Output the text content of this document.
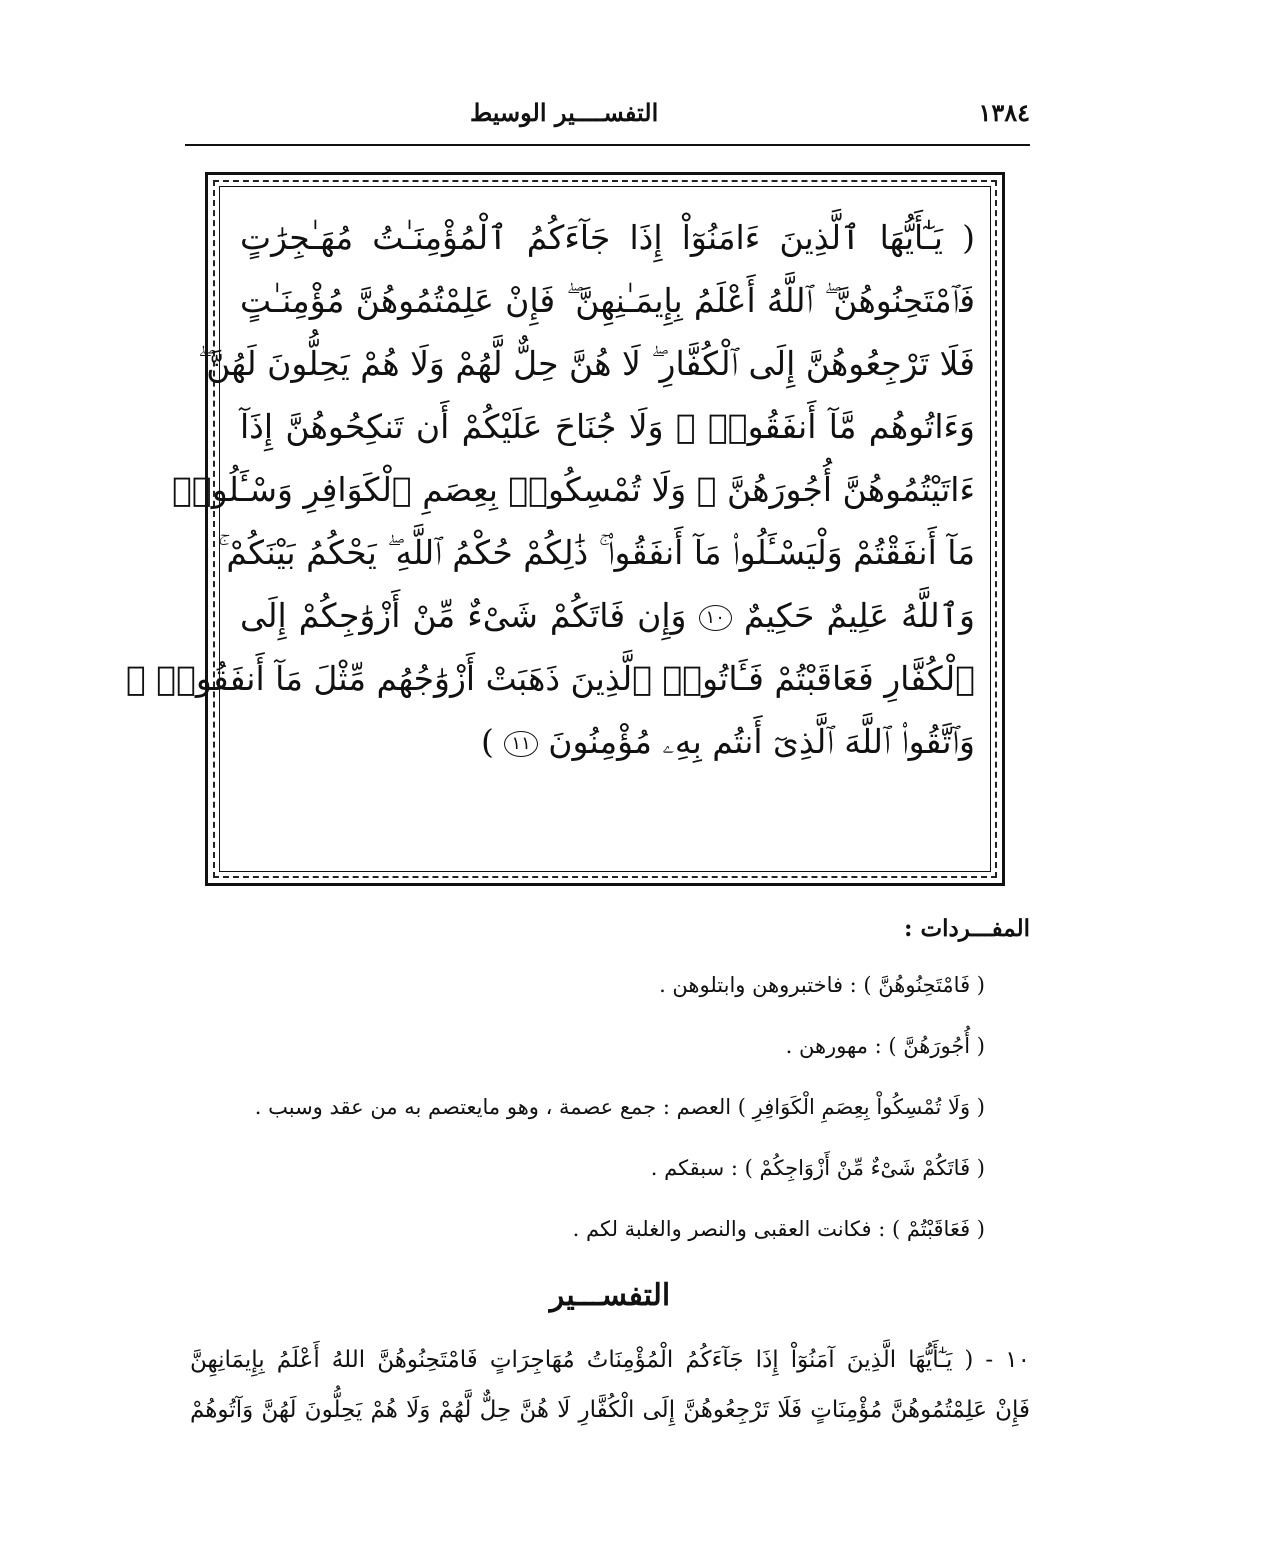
١٣٨٤
التفســــير الوسيط
( يَـٰٓأَيُّهَا ٱلَّذِينَ ءَامَنُوٓاْ إِذَا جَآءَكُمُ ٱلْمُؤْمِنَـٰتُ مُهَـٰجِرَٰتٍ
فَٱمْتَحِنُوهُنَّ ۖ ٱللَّهُ أَعْلَمُ بِإِيمَـٰنِهِنَّ ۖ فَإِنْ عَلِمْتُمُوهُنَّ مُؤْمِنَـٰتٍ
فَلَا تَرْجِعُوهُنَّ إِلَى ٱلْكُفَّارِ ۖ لَا هُنَّ حِلٌّ لَّهُمْ وَلَا هُمْ يَحِلُّونَ لَهُنَّ ۖ
وَءَاتُوهُم مَّآ أَنفَقُوا۟ ۚ وَلَا جُنَاحَ عَلَيْكُمْ أَن تَنكِحُوهُنَّ إِذَآ
ءَاتَيْتُمُوهُنَّ أُجُورَهُنَّ ۚ وَلَا تُمْسِكُوا۟ بِعِصَمِ ٱلْكَوَافِرِ وَسْـَٔلُوا۟
مَآ أَنفَقْتُمْ وَلْيَسْـَٔلُوا۟ مَآ أَنفَقُوا۟ ۚ ذَٰلِكُمْ حُكْمُ ٱللَّهِ ۖ يَحْكُمُ بَيْنَكُمْ ۚ
وَٱللَّهُ عَلِيمٌ حَكِيمٌ ١٠ وَإِن فَاتَكُمْ شَىْءٌ مِّنْ أَزْوَٰجِكُمْ إِلَى
ٱلْكُفَّارِ فَعَاقَبْتُمْ فَـَٔاتُوا۟ ٱلَّذِينَ ذَهَبَتْ أَزْوَٰجُهُم مِّثْلَ مَآ أَنفَقُوا۟ ۚ
وَٱتَّقُوا۟ ٱللَّهَ ٱلَّذِىٓ أَنتُم بِهِۦ مُؤْمِنُونَ ١١ )
المفـــردات :
( فَامْتَحِنُوهُنَّ ) : فاختبروهن وابتلوهن .
( أُجُورَهُنَّ ) : مهورهن .
( وَلَا تُمْسِكُواْ بِعِصَمِ الْكَوَافِرِ ) العصم : جمع عصمة ، وهو مايعتصم به من عقد وسبب .
( فَاتَكُمْ شَىْءٌ مِّنْ أَزْوَاجِكُمْ ) : سبقكم .
( فَعَاقَبْتُمْ ) : فكانت العقبى والنصر والغلبة لكم .
التفســـير
١٠ - ( يَـٰٓأَيُّهَا الَّذِينَ آمَنُوٓاْ إِذَا جَآءَكُمُ الْمُؤْمِنَاتُ مُهَاجِرَاتٍ فَامْتَحِنُوهُنَّ اللهُ أَعْلَمُ بِإِيمَانِهِنَّ
فَإِنْ عَلِمْتُمُوهُنَّ مُؤْمِنَاتٍ فَلَا تَرْجِعُوهُنَّ إِلَى الْكُفَّارِ لَا هُنَّ حِلٌّ لَّهُمْ وَلَا هُمْ يَحِلُّونَ لَهُنَّ وَآتُوهُمْ
